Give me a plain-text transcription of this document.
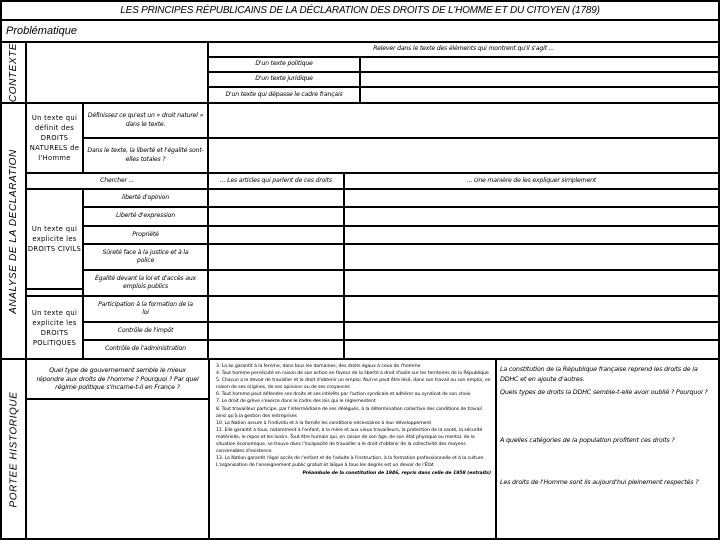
LES PRINCIPES RÉPUBLICAINS DE LA DÉCLARATION DES DROITS DE L'HOMME ET DU CITOYEN (1789)
Problématique
CONTEXTE	Relever dans le texte des éléments qui montrent qu'il s'agit ...
D'un texte politique
D'un texte juridique
D'un texte qui dépasse le cadre français
ANALYSE DE LA DECLARATION
Un texte qui définit des DROITS NATURELS de l'Homme
Définissez ce qu'est un « droit naturel » dans le texte.
Dans le texte, la liberté et l'égalité sont-elles totales ?
Chercher ...	... Les articles qui parlent de ces droits	... Une manière de les expliquer simplement
Un texte qui explicite les DROITS CIVILS
liberté d'opinion
Liberté d'expression
Propriété
Sûreté face à la justice et à la police
Égalité devant la loi et d'accès aux emplois publics
Un texte qui explicite les DROITS POLITIQUES
Participation à la formation de la loi
Contrôle de l'impôt
Contrôle de l'administration
PORTEE HISTORIQUE
Quel type de gouvernement semble le mieux répondre aux droits de l'homme ? Pourquoi ? Par quel régime politique s'incarne-t-il en France ?
3. La loi garantit à la femme, dans tous les domaines, des droits égaux à ceux de l'homme
4. Tout homme persécuté en raison de son action en faveur de la liberté a droit d'asile sur les territoires de la République
5. Chacun a le devoir de travailler et le droit d'obtenir un emploi. Nul ne peut être lésé, dans son travail ou son emploi, en raison de ses origines, de ses opinions ou de ses croyances
6. Tout homme peut défendre ses droits et ses intérêts par l'action syndicale et adhérer au syndicat de son choix
7. Le droit de grève s'exerce dans le cadre des lois qui le réglementent
8. Tout travailleur participe, par l'intermédiaire de ses délégués, à la détermination collective des conditions de travail ainsi qu'à la gestion des entreprises
10. La Nation assure à l'individu et à la famille les conditions nécessaires à leur développement
11. Elle garantit à tous, notamment à l'enfant, à la mère et aux vieux travailleurs, la protection de la santé, la sécurité matérielle, le repos et les loisirs. Tout être humain qui, en raison de son âge, de son état physique ou mental, de la situation économique, se trouve dans l'incapacité de travailler a le droit d'obtenir de la collectivité des moyens convenables d'existence
13. La Nation garantit l'égal accès de l'enfant et de l'adulte à l'instruction, à la formation professionnelle et à la culture. L'organisation de l'enseignement public gratuit et laïque à tous les degrés est un devoir de l'État
Préambule de la constitution de 1946, repris dans celle de 1958 (extraits)

La constitution de la République française reprend les droits de la DDHC et en ajoute d'autres.

Quels types de droits la DDHC semble-t-elle avoir oublié ? Pourquoi ?

A quelles catégories de la population profitent ces droits ?

Les droits de l'Homme sont ils aujourd'hui pleinement respectés ?
